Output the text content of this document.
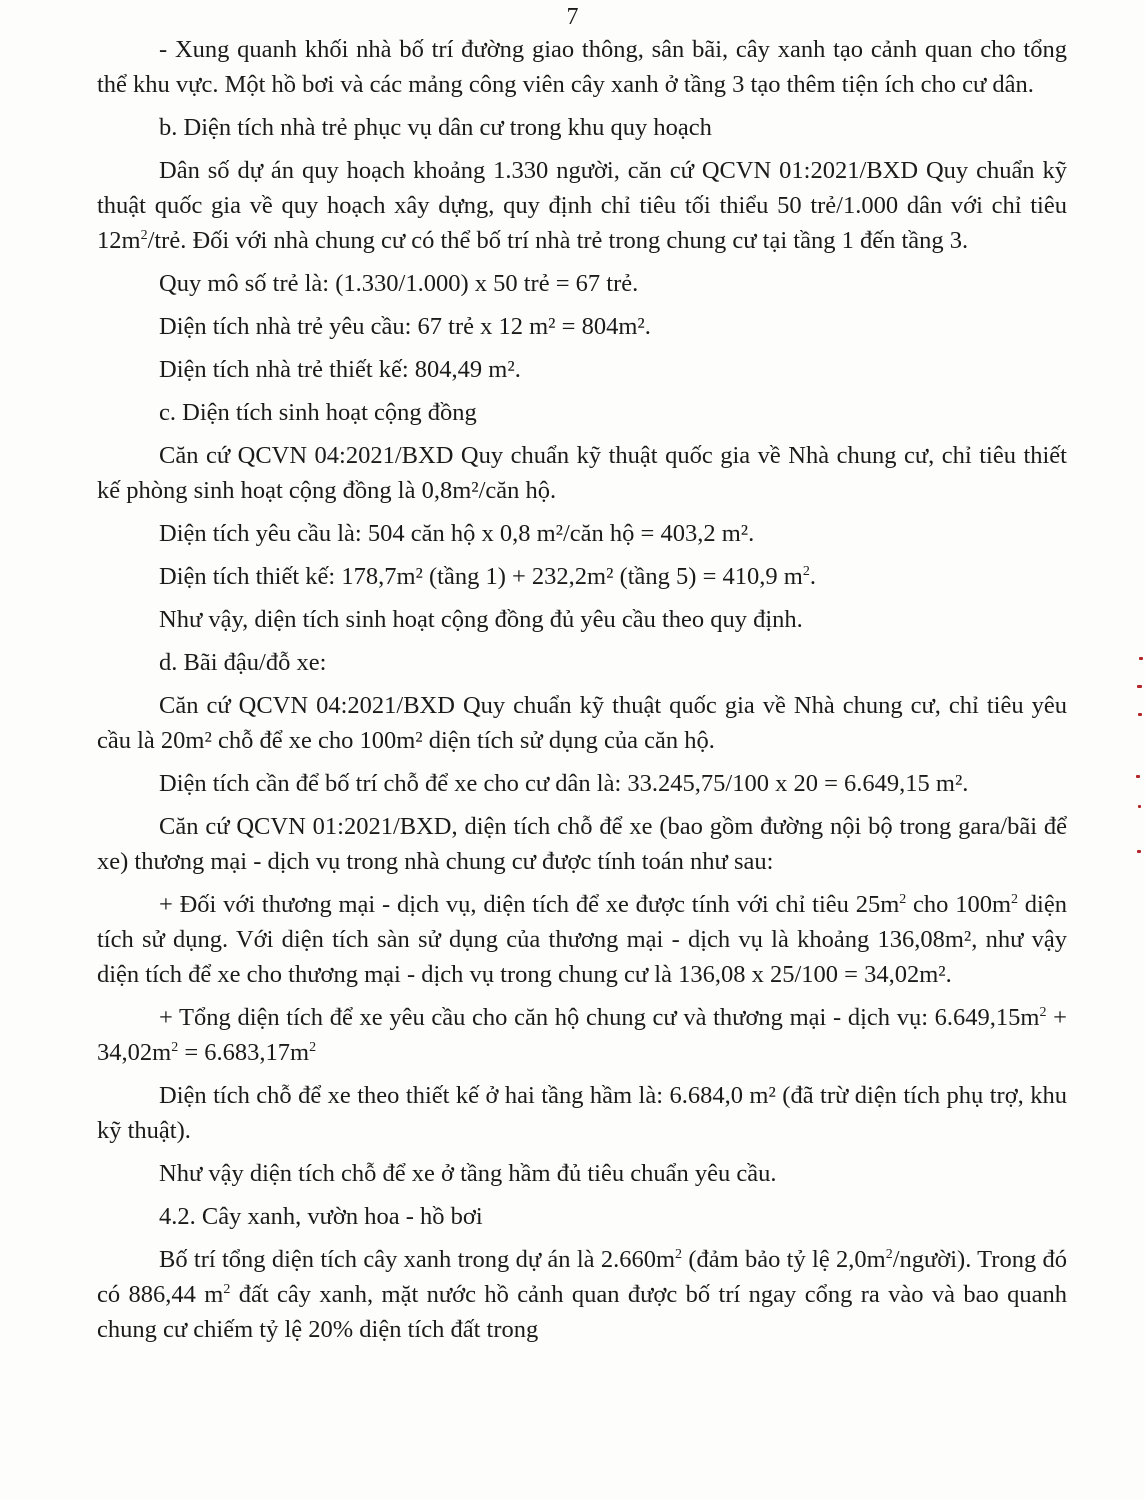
7

- Xung quanh khối nhà bố trí đường giao thông, sân bãi, cây xanh tạo cảnh quan cho tổng thể khu vực. Một hồ bơi và các mảng công viên cây xanh ở tầng 3 tạo thêm tiện ích cho cư dân.

b. Diện tích nhà trẻ phục vụ dân cư trong khu quy hoạch

Dân số dự án quy hoạch khoảng 1.330 người, căn cứ QCVN 01:2021/BXD Quy chuẩn kỹ thuật quốc gia về quy hoạch xây dựng, quy định chỉ tiêu tối thiểu 50 trẻ/1.000 dân với chỉ tiêu $12m^2$/trẻ. Đối với nhà chung cư có thể bố trí nhà trẻ trong chung cư tại tầng 1 đến tầng 3.

Quy mô số trẻ là: (1.330/1.000) x 50 trẻ = 67 trẻ.

Diện tích nhà trẻ yêu cầu: 67 trẻ x 12 m² = 804m².

Diện tích nhà trẻ thiết kế: 804,49 m².

c. Diện tích sinh hoạt cộng đồng

Căn cứ QCVN 04:2021/BXD Quy chuẩn kỹ thuật quốc gia về Nhà chung cư, chỉ tiêu thiết kế phòng sinh hoạt cộng đồng là 0,8m²/căn hộ.

Diện tích yêu cầu là: 504 căn hộ x 0,8 m²/căn hộ = 403,2 m².

Diện tích thiết kế: 178,7m² (tầng 1) + 232,2m² (tầng 5) = 410,9 $m^2$.

Như vậy, diện tích sinh hoạt cộng đồng đủ yêu cầu theo quy định.

d. Bãi đậu/đỗ xe:

Căn cứ QCVN 04:2021/BXD Quy chuẩn kỹ thuật quốc gia về Nhà chung cư, chỉ tiêu yêu cầu là 20m² chỗ để xe cho 100m² diện tích sử dụng của căn hộ.

Diện tích cần để bố trí chỗ để xe cho cư dân là: 33.245,75/100 x 20 = 6.649,15 m².

Căn cứ QCVN 01:2021/BXD, diện tích chỗ để xe (bao gồm đường nội bộ trong gara/bãi để xe) thương mại - dịch vụ trong nhà chung cư được tính toán như sau:

+ Đối với thương mại - dịch vụ, diện tích để xe được tính với chỉ tiêu $25m^2$ cho $100m^2$ diện tích sử dụng. Với diện tích sàn sử dụng của thương mại - dịch vụ là khoảng 136,08m², như vậy diện tích để xe cho thương mại - dịch vụ trong chung cư là 136,08 x 25/100 = 34,02m².

+ Tổng diện tích để xe yêu cầu cho căn hộ chung cư và thương mại - dịch vụ: $6.649,15m^2 + 34,02m^2 = 6.683,17m^2$

Diện tích chỗ để xe theo thiết kế ở hai tầng hầm là: 6.684,0 m² (đã trừ diện tích phụ trợ, khu kỹ thuật).

Như vậy diện tích chỗ để xe ở tầng hầm đủ tiêu chuẩn yêu cầu.

4.2. Cây xanh, vườn hoa - hồ bơi

Bố trí tổng diện tích cây xanh trong dự án là $2.660m^2$ (đảm bảo tỷ lệ $2,0m^2/người$). Trong đó có 886,44 $m^2$ đất cây xanh, mặt nước hồ cảnh quan được bố trí ngay cổng ra vào và bao quanh chung cư chiếm tỷ lệ 20% diện tích đất trong
